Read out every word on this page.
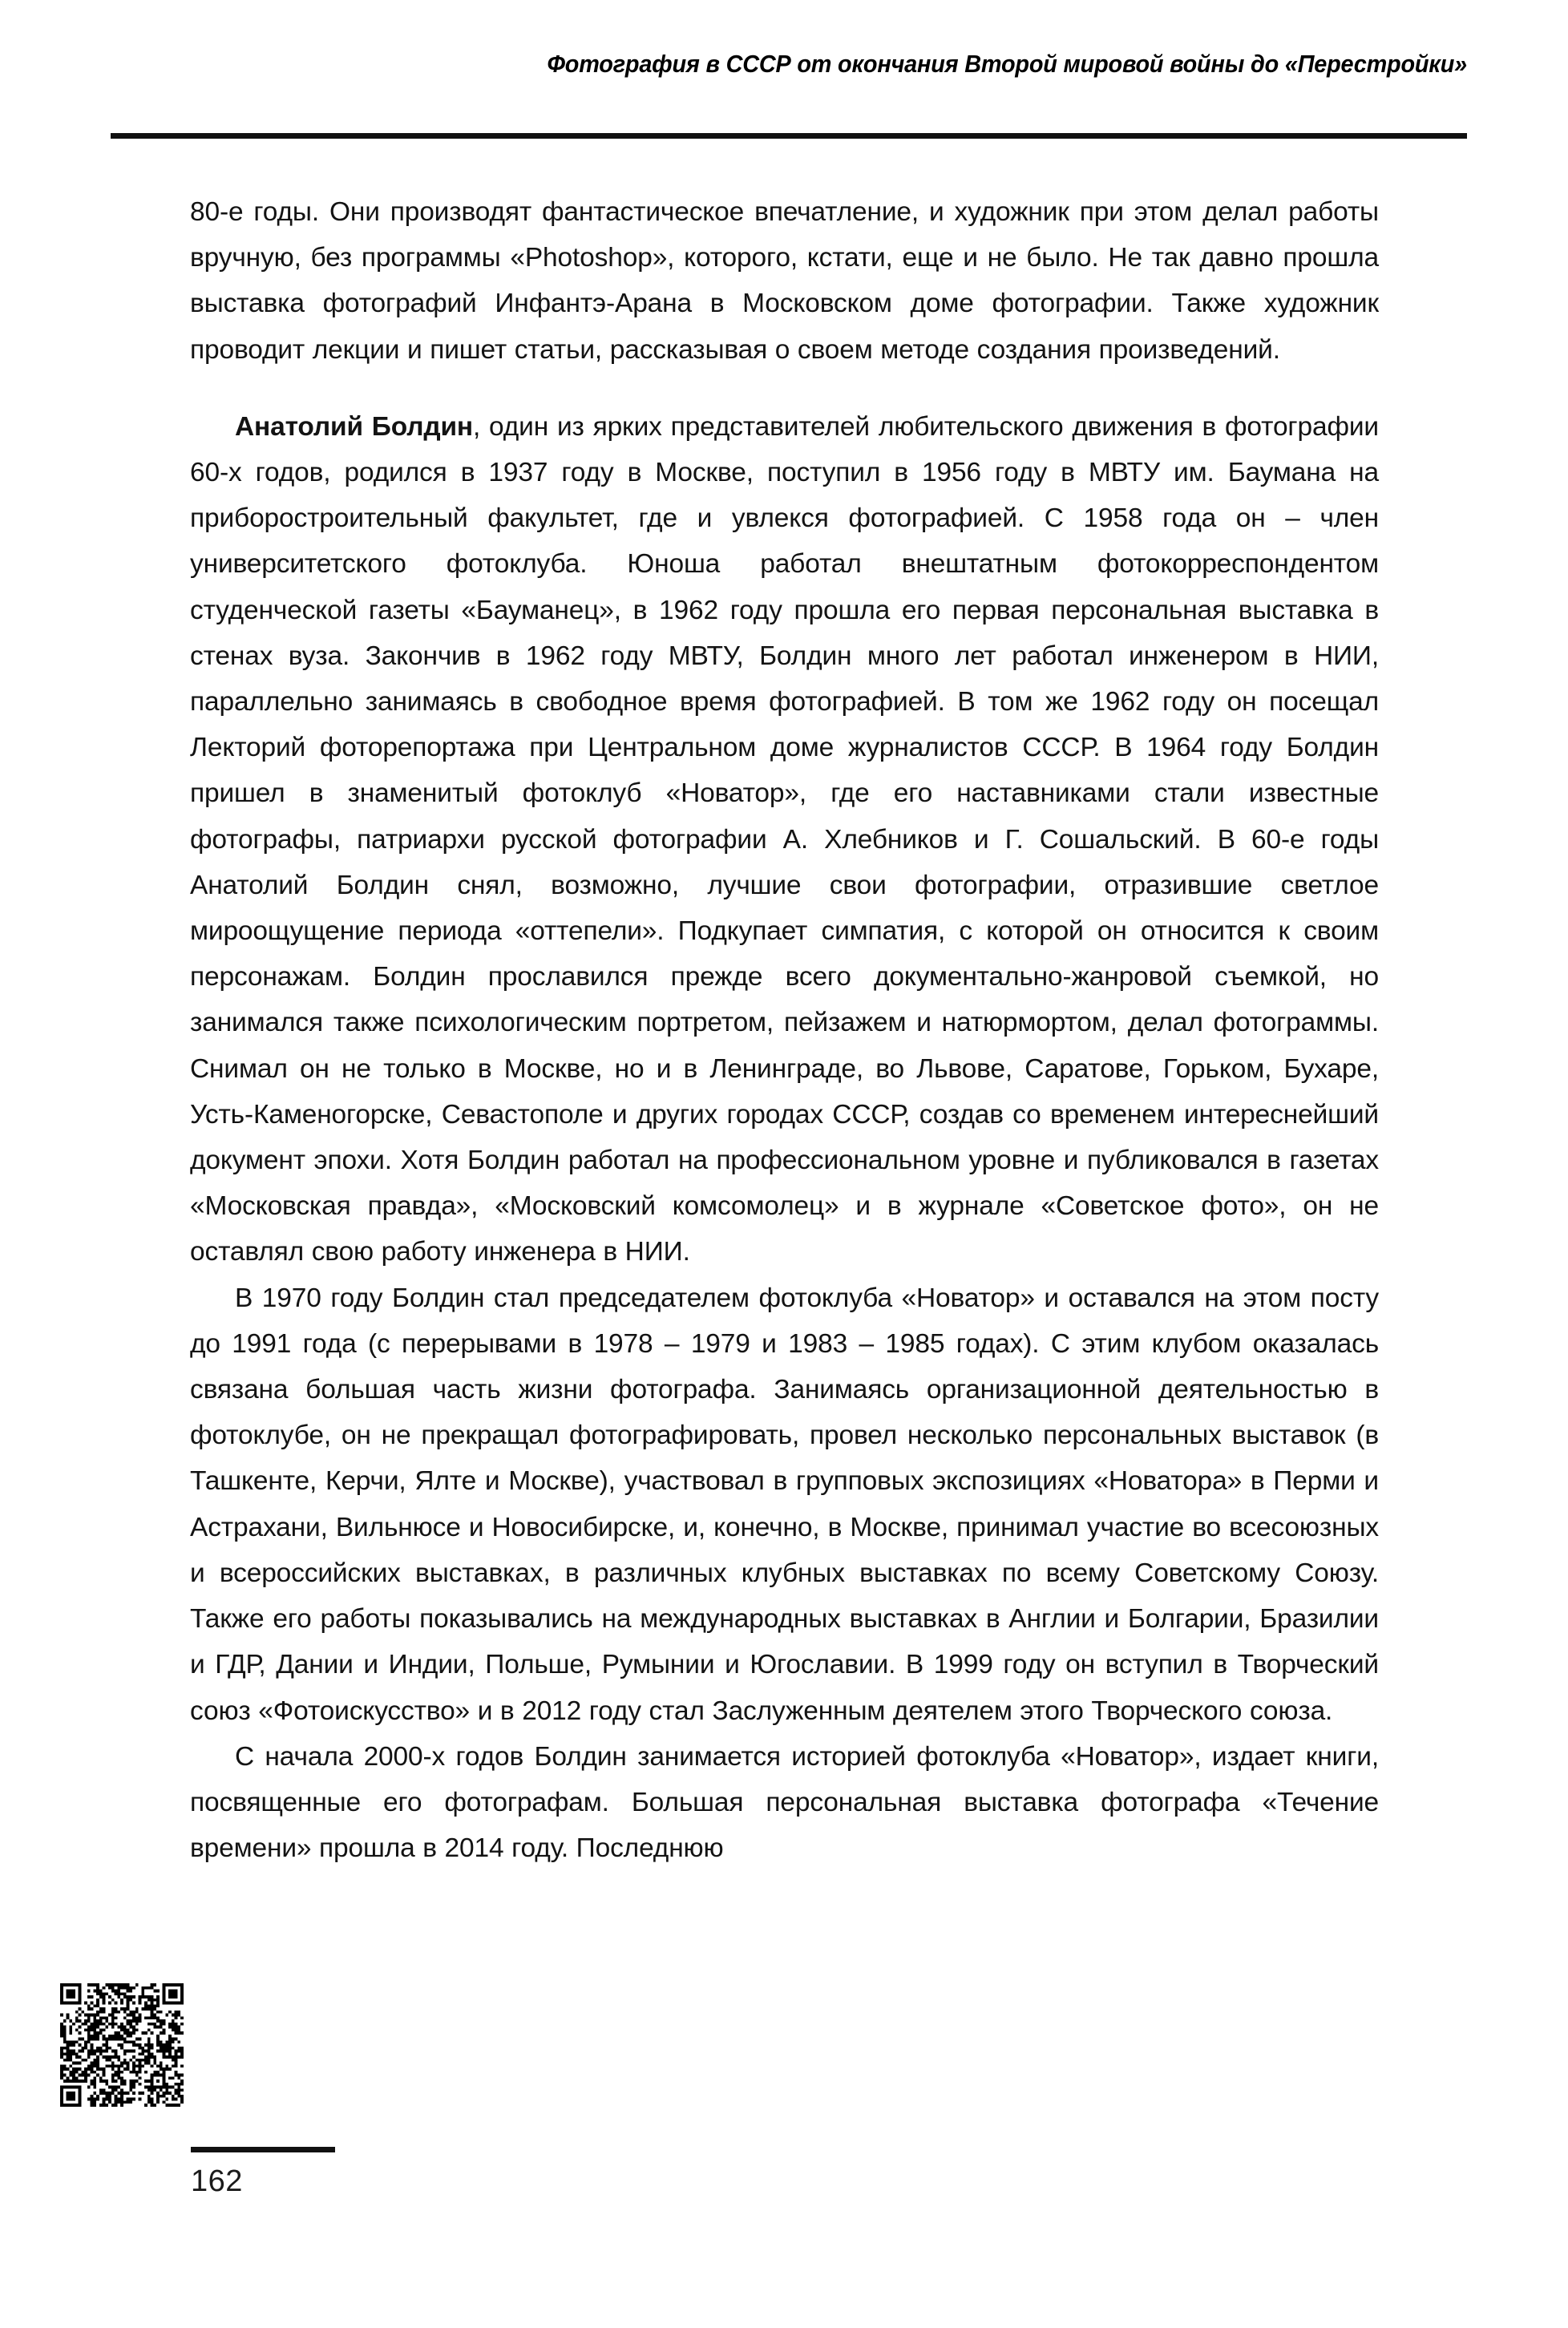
Фотография в СССР от окончания Второй мировой войны до «Перестройки»

80-е годы. Они производят фантастическое впечатление, и художник при этом делал работы вручную, без программы «Photoshop», которого, кстати, еще и не было. Не так давно прошла выставка фотографий Инфантэ-Арана в Московском доме фотографии. Также художник проводит лекции и пишет статьи, рассказывая о своем методе создания произведений.

Анатолий Болдин, один из ярких представителей любительского движения в фотографии 60-х годов, родился в 1937 году в Москве, поступил в 1956 году в МВТУ им. Баумана на приборостроительный факультет, где и увлекся фотографией. С 1958 года он – член университетского фотоклуба. Юноша работал внештатным фотокорреспондентом студенческой газеты «Бауманец», в 1962 году прошла его первая персональная выставка в стенах вуза. Закончив в 1962 году МВТУ, Болдин много лет работал инженером в НИИ, параллельно занимаясь в свободное время фотографией. В том же 1962 году он посещал Лекторий фоторепортажа при Центральном доме журналистов СССР. В 1964 году Болдин пришел в знаменитый фотоклуб «Новатор», где его наставниками стали известные фотографы, патриархи русской фотографии А. Хлебников и Г. Сошальский. В 60-е годы Анатолий Болдин снял, возможно, лучшие свои фотографии, отразившие светлое мироощущение периода «оттепели». Подкупает симпатия, с которой он относится к своим персонажам. Болдин прославился прежде всего документально-жанровой съемкой, но занимался также психологическим портретом, пейзажем и натюрмортом, делал фотограммы. Снимал он не только в Москве, но и в Ленинграде, во Львове, Саратове, Горьком, Бухаре, Усть-Каменогорске, Севастополе и других городах СССР, создав со временем интереснейший документ эпохи. Хотя Болдин работал на профессиональном уровне и публиковался в газетах «Московская правда», «Московский комсомолец» и в журнале «Советское фото», он не оставлял свою работу инженера в НИИ.

В 1970 году Болдин стал председателем фотоклуба «Новатор» и оставался на этом посту до 1991 года (с перерывами в 1978 – 1979 и 1983 – 1985 годах). С этим клубом оказалась связана большая часть жизни фотографа. Занимаясь организационной деятельностью в фотоклубе, он не прекращал фотографировать, провел несколько персональных выставок (в Ташкенте, Керчи, Ялте и Москве), участвовал в групповых экспозициях «Новатора» в Перми и Астрахани, Вильнюсе и Новосибирске, и, конечно, в Москве, принимал участие во всесоюзных и всероссийских выставках, в различных клубных выставках по всему Советскому Союзу. Также его работы показывались на международных выставках в Англии и Болгарии, Бразилии и ГДР, Дании и Индии, Польше, Румынии и Югославии. В 1999 году он вступил в Творческий союз «Фотоискусство» и в 2012 году стал Заслуженным деятелем этого Творческого союза.

С начала 2000-х годов Болдин занимается историей фотоклуба «Новатор», издает книги, посвященные его фотографам. Большая персональная выставка фотографа «Течение времени» прошла в 2014 году. Последнюю

162
